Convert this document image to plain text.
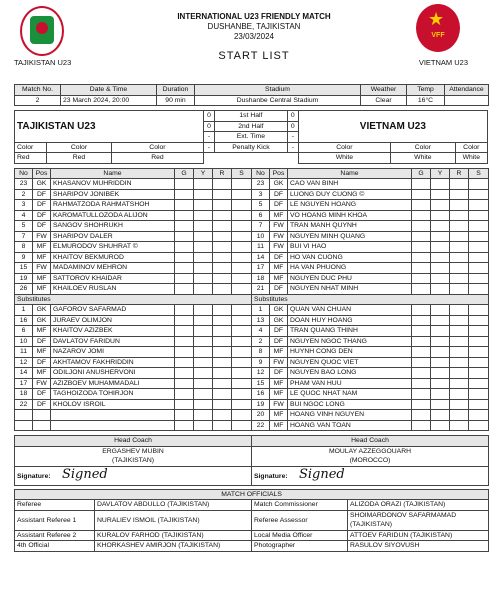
TAJIKISTAN U23
INTERNATIONAL U23 FRIENDLY MATCH
DUSHANBE, TAJIKISTAN
23/03/2024
START LIST
★
VFF
VIETNAM U23
Match No.	Date & Time	Duration	Stadium	Weather	Temp	Attendance
2	23 March 2024, 20:00	90 min	Dushanbe Central Stadium	Clear	16°C	
TAJIKISTAN U23			0	1st Half	0	VIETNAM U23		
			0	2nd Half	0			
			-	Ext. Time	-			
Color	Color	Color	-	Penalty Kick	-	Color	Color	Color
Red	Red	Red				White	White	White
No	Pos	Name	G	Y	R	S	No	Pos	Name	G	Y	R	S
23	GK	KHASANOV MUHRIDDIN					23	GK	CAO VAN BINH				
2	DF	SHARIPOV JONIBEK					3	DF	LUONG DUY CUONG ©				
3	DF	RAHMATZODA RAHMATSHOH					5	DF	LE NGUYEN HOANG				
4	DF	KAROMATULLOZODA ALIJON					6	MF	VO HOANG MINH KHOA				
5	DF	SANGOV SHOHRUKH					7	FW	TRAN MANH QUYNH				
7	FW	SHARIPOV DALER					10	FW	NGUYEN MINH QUANG				
8	MF	ELMURODOV SHUHRAT ©					11	FW	BUI VI HAO				
9	MF	KHAITOV BEKMUROD					14	DF	HO VAN CUONG				
15	FW	MADAMINOV MEHRON					17	MF	HA VAN PHUONG				
19	MF	SATTOROV KHAIDAR					18	MF	NGUYEN DUC PHU				
26	MF	KHAILOEV RUSLAN					21	DF	NGUYEN NHAT MINH				
Substitutes							Substitutes						
1	GK	GAFOROV SAFARMAD					1	GK	QUAN VAN CHUAN				
16	GK	JURAEV OLIMJON					13	GK	DOAN HUY HOANG				
6	MF	KHAITOV AZIZBEK					4	DF	TRAN QUANG THINH				
10	DF	DAVLATOV FARIDUN					2	DF	NGUYEN NGOC THANG				
11	MF	NAZAROV JOMI					8	MF	HUYNH CONG DEN				
12	DF	AKHTAMOV FAKHRIDDIN					9	FW	NGUYEN QUOC VIET				
14	MF	ODILJONI ANUSHERVONI					12	DF	NGUYEN BAO LONG				
17	FW	AZIZBOEV MUHAMMADALI					15	MF	PHAM VAN HUU				
18	DF	TAGHOIZODA TOHIRJON					16	MF	LE QUOC NHAT NAM				
22	DF	KHOLOV ISROIL					19	FW	BUI NGOC LONG				
							20	MF	HOANG VINH NGUYEN				
							22	MF	HOANG VAN TOAN				
Head Coach	Head Coach
ERGASHEV MUBIN	MOULAY AZZEGGOUARH
(TAJIKISTAN)	(MOROCCO)
Signature: Signed	Signature: Signed
MATCH OFFICIALS			
Referee	DAVLATOV ABDULLO (TAJIKISTAN)	Match Commissioner	ALIZODA ORAZI (TAJIKISTAN)
Assistant Referee 1	NURALIEV ISMOIL (TAJIKISTAN)	Referee Assessor	SHOIMARDONOV SAFARMAMAD (TAJIKISTAN)
Assistant Referee 2	KURALOV FARHOD (TAJIKISTAN)	Local Media Officer	ATTOEV FARIDUN (TAJIKISTAN)
4th Official	KHORKASHEV AMIRJON (TAJIKISTAN)	Photographer	RASULOV SIYOVUSH
